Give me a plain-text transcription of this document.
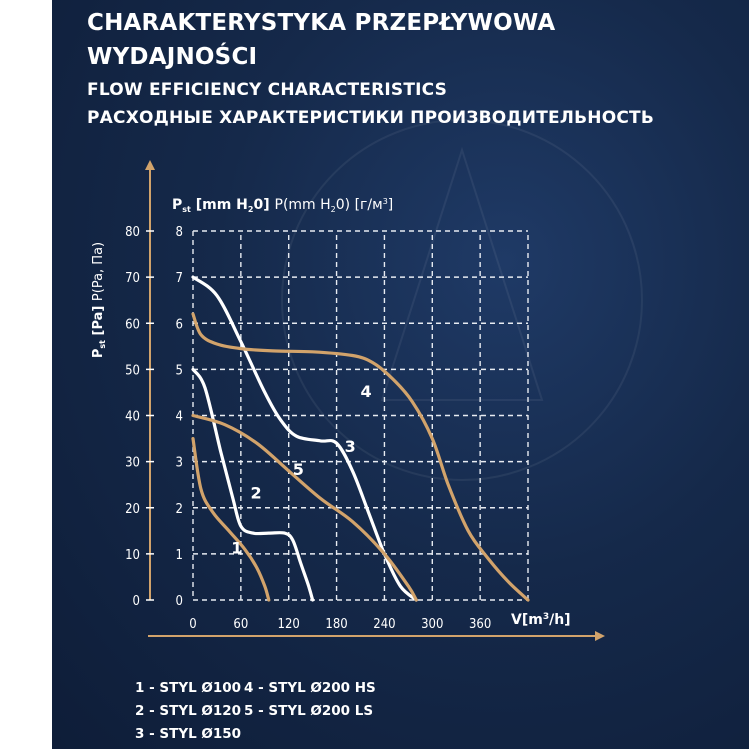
CHARAKTERYSTYKA PRZEPŁYWOWA
WYDAJNOŚCI
FLOW EFFICIENCY CHARACTERISTICS
РАСХОДНЫЕ ХАРАКТЕРИСТИКИ ПРОИЗВОДИТЕЛЬНОСТЬ
0
10
20
30
40
50
60
70
80
0
1
2
3
4
5
6
7
8
0	60 120 180 240 300 360
1
2
3
4
5
$P_{st}$ [mm $H_20$] P(mm $H_20$) $[г/м^3]$
$P_{st}$ [Pa] P(Pa, Па)
$V[m^3/h]$
1 - STYL Ø100
2 - STYL Ø120
3 - STYL Ø150
4 - STYL Ø200 HS
5 - STYL Ø200 LS
